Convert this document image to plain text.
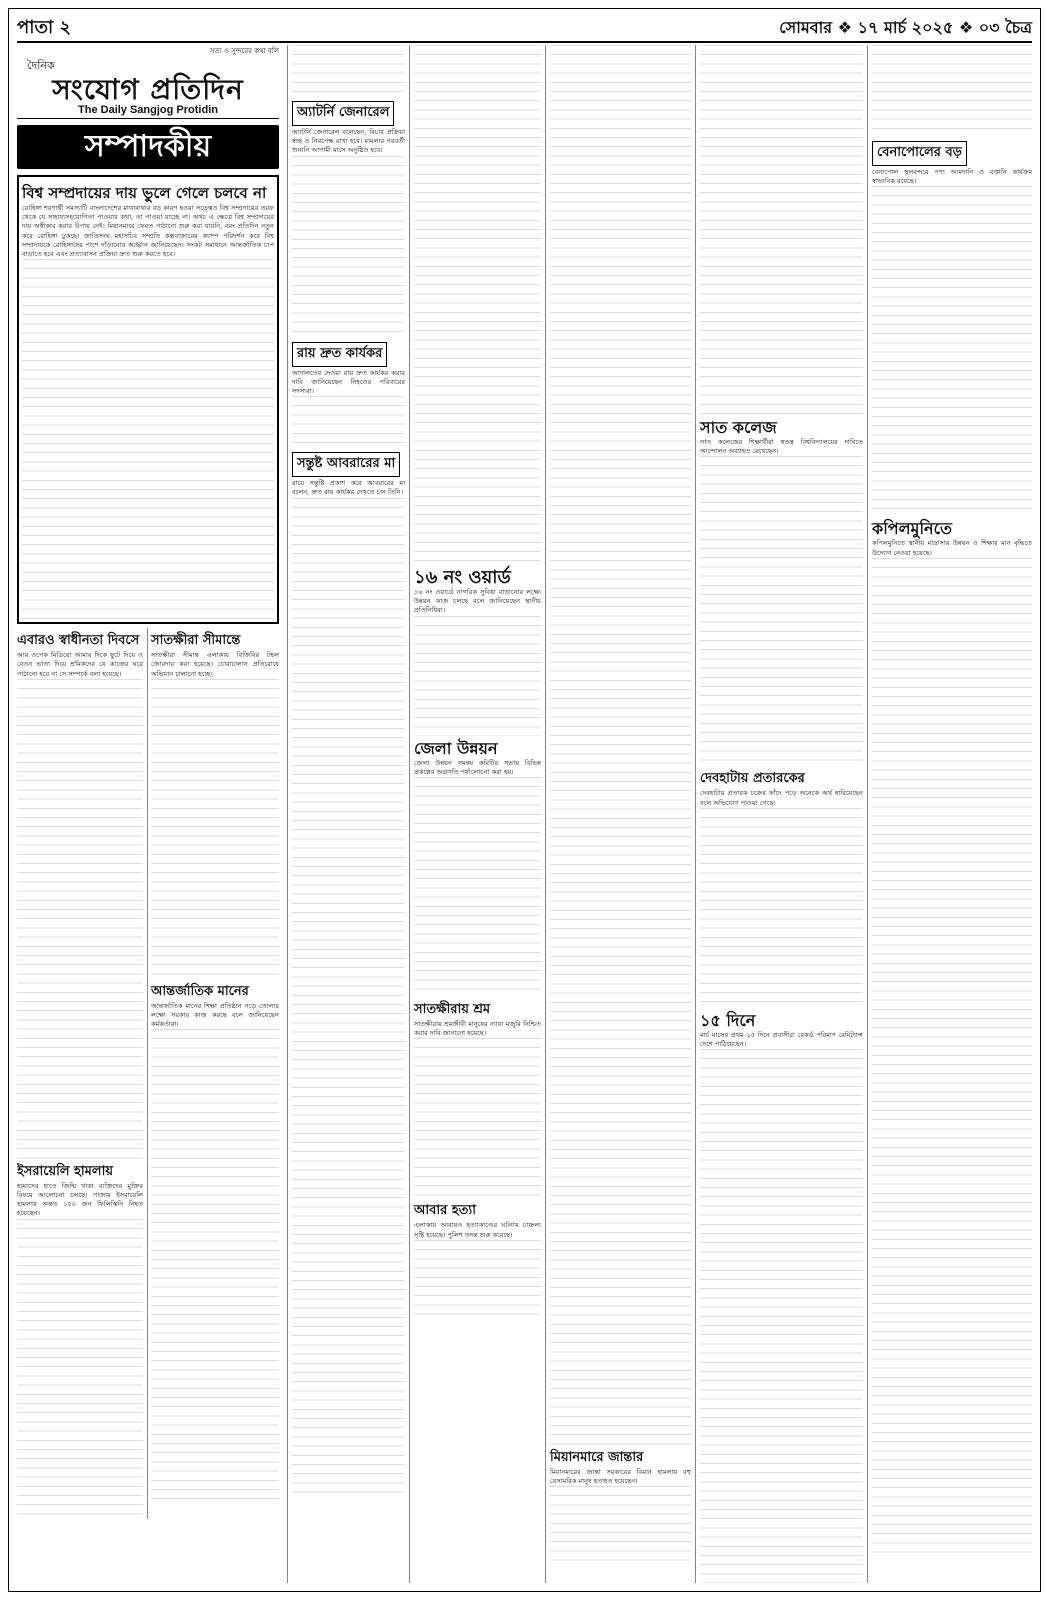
পাতা ২	সোমবার ❖ ১৭ মার্চ ২০২৫ ❖ ০৩ চৈত্র
সত্য ও সুন্দরের কথা বলি
দৈনিক
সংযোগ প্রতিদিন
The Daily Sangjog Protidin
সম্পাদকীয়
বিশ্ব সম্প্রদায়ের দায় ভুলে গেলে চলবে না

রোহিঙ্গা শরণার্থী সমস্যাটি বাংলাদেশের মাথাব্যথার বড় কারণ হওয়া সত্ত্বেও বিশ্ব সম্প্রদায়ের তরফ থেকে যে সাহায্যসহযোগিতা পাওয়ার কথা, তা পাওয়া যাচ্ছে না। অথচ এ ক্ষেত্রে বিশ্ব সম্প্রদায়ের দায় অস্বীকার করার উপায় নেই। মিয়ানমারে ফেরত পাঠানো শুরু করা যায়নি, বরং প্রতিদিন নতুন করে রোহিঙ্গা ঢুকছে। জাতিসংঘ মহাসচিব সম্প্রতি কক্সবাজারের ক্যাম্প পরিদর্শন করে বিশ্ব সম্প্রদায়কে রোহিঙ্গাদের পাশে দাঁড়ানোর আহ্বান জানিয়েছেন। সংকট সমাধানে আন্তর্জাতিক চাপ বাড়াতে হবে এবং প্রত্যাবাসন প্রক্রিয়া দ্রুত শুরু করতে হবে।

এবারও স্বাধীনতা দিবসে

আর ওপেক মিডিয়ো আমার দিকে ছুটে দিয়ে ও বেতন ভাতা দিয়ে শ্রমিকদের যে কাজের ঘরে পাঠানো হবে না সে সম্পর্কে বলা হয়েছে।

ইসরায়েলি হামলায়

হামাসের হাতে জিম্মি থাকা ব্যক্তিদের মুক্তির বিষয়ে আলোচনা চলছে। গাজায় ইসরায়েলি হামলায় অন্তত ১৫০ জন ফিলিস্তিনি নিহত হয়েছেন।

সাতক্ষীরা সীমান্তে

সাতক্ষীরা সীমান্ত এলাকায় বিজিবির টহল জোরদার করা হয়েছে। চোরাচালান প্রতিরোধে অভিযান চালানো হচ্ছে।

আন্তর্জাতিক মানের

আন্তর্জাতিক মানের শিক্ষা প্রতিষ্ঠান গড়ে তোলার লক্ষ্যে সরকার কাজ করছে বলে জানিয়েছেন কর্মকর্তারা।

অ্যাটর্নি জেনারেল

অ্যাটর্নি জেনারেল বলেছেন, বিচার প্রক্রিয়া স্বচ্ছ ও নিরপেক্ষ রাখা হবে। মামলার পরবর্তী শুনানি আগামী মাসে অনুষ্ঠিত হবে।

রায় দ্রুত কার্যকর

আদালতের দেওয়া রায় দ্রুত কার্যকর করার দাবি জানিয়েছেন নিহতের পরিবারের সদস্যরা।

সন্তুষ্ট আবরারের মা

রায়ে সন্তুষ্টি প্রকাশ করে আবরারের মা বলেন, দ্রুত রায় কার্যকর দেখতে চান তিনি।

১৬ নং ওয়ার্ড

১৬ নং ওয়ার্ডে নাগরিক সুবিধা বাড়ানোর লক্ষ্যে উন্নয়ন কাজ চলছে বলে জানিয়েছেন স্থানীয় প্রতিনিধিরা।

জেলা উন্নয়ন

জেলা উন্নয়ন সমন্বয় কমিটির সভায় বিভিন্ন প্রকল্পের অগ্রগতি পর্যালোচনা করা হয়।

সাতক্ষীরায় শ্রম

সাতক্ষীরায় শ্রমজীবী মানুষের ন্যায্য মজুরি নিশ্চিত করার দাবি জানানো হয়েছে।

আবার হত্যা

এলাকায় আবারও হত্যাকাণ্ডের ঘটনায় চাঞ্চল্য সৃষ্টি হয়েছে। পুলিশ তদন্ত শুরু করেছে।

মিয়ানমারে জান্তার

মিয়ানমারের জান্তা সরকারের বিমান হামলায় বহু বেসামরিক মানুষ হতাহত হয়েছেন।

সাত কলেজ

সাত কলেজের শিক্ষার্থীরা স্বতন্ত্র বিশ্ববিদ্যালয়ের দাবিতে আন্দোলন অব্যাহত রেখেছেন।

দেবহাটায় প্রতারকের

দেবহাটায় প্রতারক চক্রের ফাঁদে পড়ে অনেকে অর্থ হারিয়েছেন বলে অভিযোগ পাওয়া গেছে।

১৫ দিনে

মার্চ মাসের প্রথম ১৫ দিনে প্রবাসীরা রেকর্ড পরিমাণ রেমিট্যান্স দেশে পাঠিয়েছেন।

বেনাপোলের বড়

বেনাপোল স্থলবন্দরে পণ্য আমদানি ও রপ্তানি কার্যক্রম স্বাভাবিক রয়েছে।

কপিলমুনিতে

কপিলমুনিতে স্থানীয় মাদ্রাসার উন্নয়ন ও শিক্ষার মান বৃদ্ধিতে উদ্যোগ নেওয়া হয়েছে।
